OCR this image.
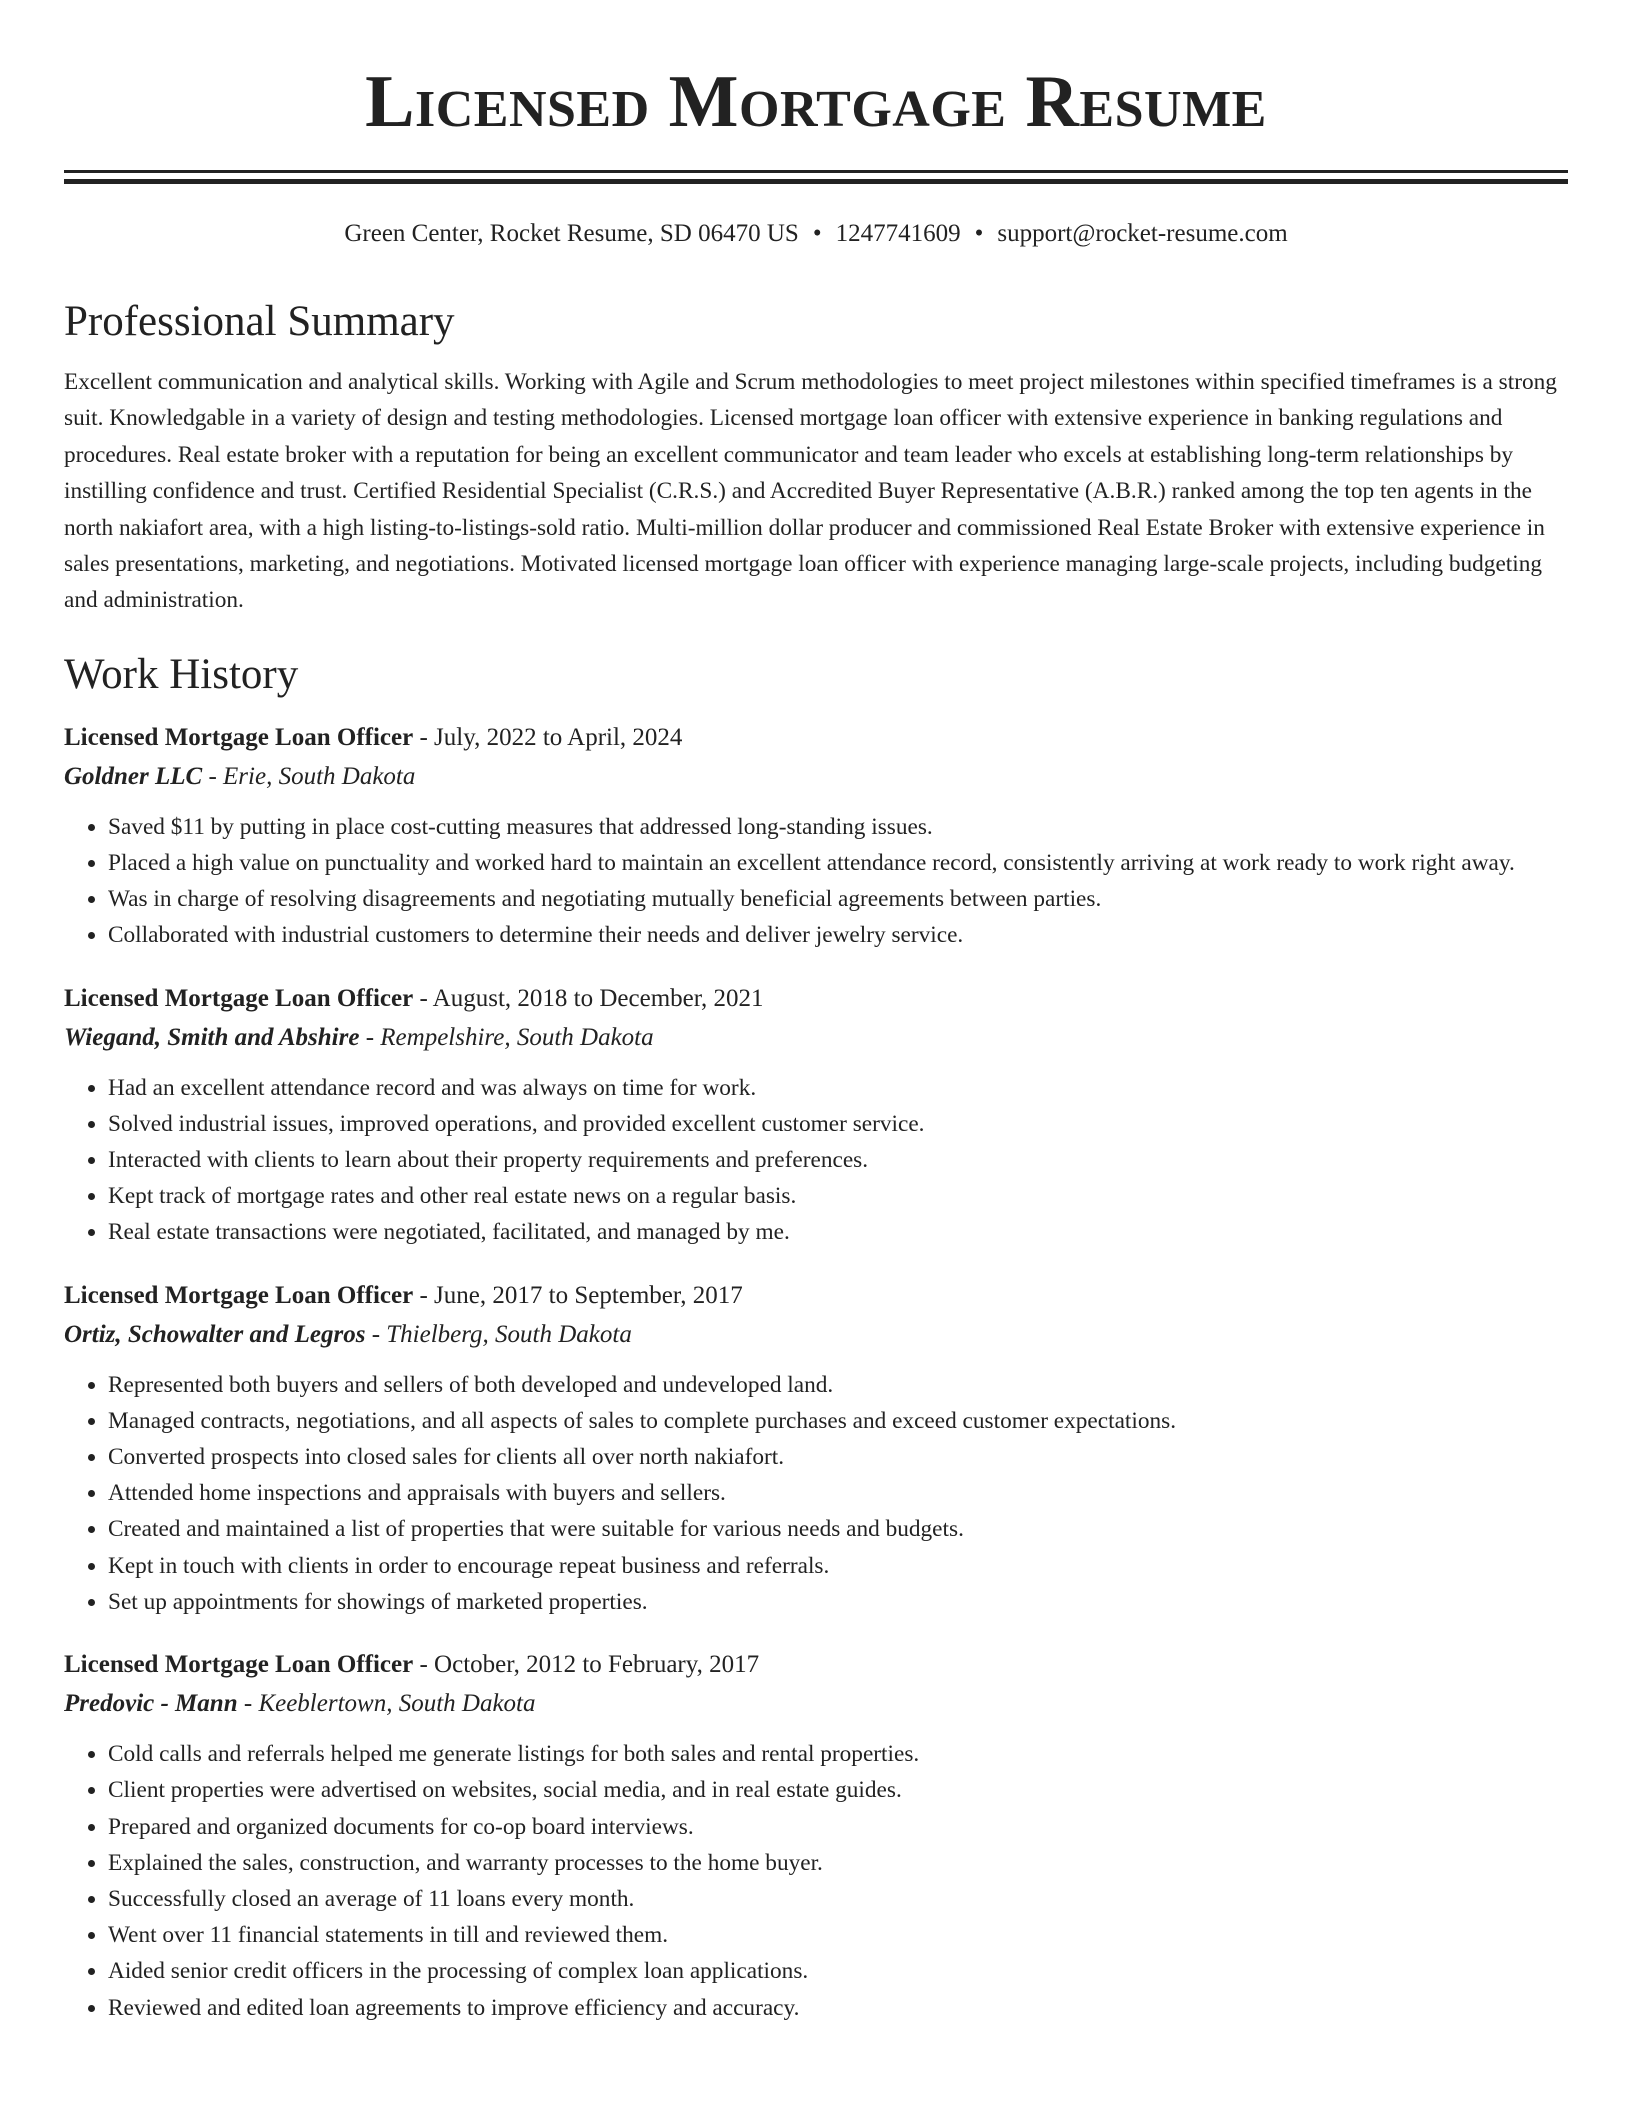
Licensed Mortgage Resume
Green Center, Rocket Resume, SD 06470 US • 1247741609 • support@rocket-resume.com
Professional Summary

Excellent communication and analytical skills. Working with Agile and Scrum methodologies to meet project milestones within specified timeframes is a strong suit. Knowledgable in a variety of design and testing methodologies. Licensed mortgage loan officer with extensive experience in banking regulations and procedures. Real estate broker with a reputation for being an excellent communicator and team leader who excels at establishing long-term relationships by instilling confidence and trust. Certified Residential Specialist (C.R.S.) and Accredited Buyer Representative (A.B.R.) ranked among the top ten agents in the north nakiafort area, with a high listing-to-listings-sold ratio. Multi-million dollar producer and commissioned Real Estate Broker with extensive experience in sales presentations, marketing, and negotiations. Motivated licensed mortgage loan officer with experience managing large-scale projects, including budgeting and administration.

Work History
Licensed Mortgage Loan Officer - July, 2022 to April, 2024
Goldner LLC - Erie, South Dakota
• Saved $11 by putting in place cost-cutting measures that addressed long-standing issues.
• Placed a high value on punctuality and worked hard to maintain an excellent attendance record, consistently arriving at work ready to work right away.
• Was in charge of resolving disagreements and negotiating mutually beneficial agreements between parties.
• Collaborated with industrial customers to determine their needs and deliver jewelry service.
Licensed Mortgage Loan Officer - August, 2018 to December, 2021
Wiegand, Smith and Abshire - Rempelshire, South Dakota
• Had an excellent attendance record and was always on time for work.
• Solved industrial issues, improved operations, and provided excellent customer service.
• Interacted with clients to learn about their property requirements and preferences.
• Kept track of mortgage rates and other real estate news on a regular basis.
• Real estate transactions were negotiated, facilitated, and managed by me.
Licensed Mortgage Loan Officer - June, 2017 to September, 2017
Ortiz, Schowalter and Legros - Thielberg, South Dakota
• Represented both buyers and sellers of both developed and undeveloped land.
• Managed contracts, negotiations, and all aspects of sales to complete purchases and exceed customer expectations.
• Converted prospects into closed sales for clients all over north nakiafort.
• Attended home inspections and appraisals with buyers and sellers.
• Created and maintained a list of properties that were suitable for various needs and budgets.
• Kept in touch with clients in order to encourage repeat business and referrals.
• Set up appointments for showings of marketed properties.
Licensed Mortgage Loan Officer - October, 2012 to February, 2017
Predovic - Mann - Keeblertown, South Dakota
• Cold calls and referrals helped me generate listings for both sales and rental properties.
• Client properties were advertised on websites, social media, and in real estate guides.
• Prepared and organized documents for co-op board interviews.
• Explained the sales, construction, and warranty processes to the home buyer.
• Successfully closed an average of 11 loans every month.
• Went over 11 financial statements in till and reviewed them.
• Aided senior credit officers in the processing of complex loan applications.
• Reviewed and edited loan agreements to improve efficiency and accuracy.
